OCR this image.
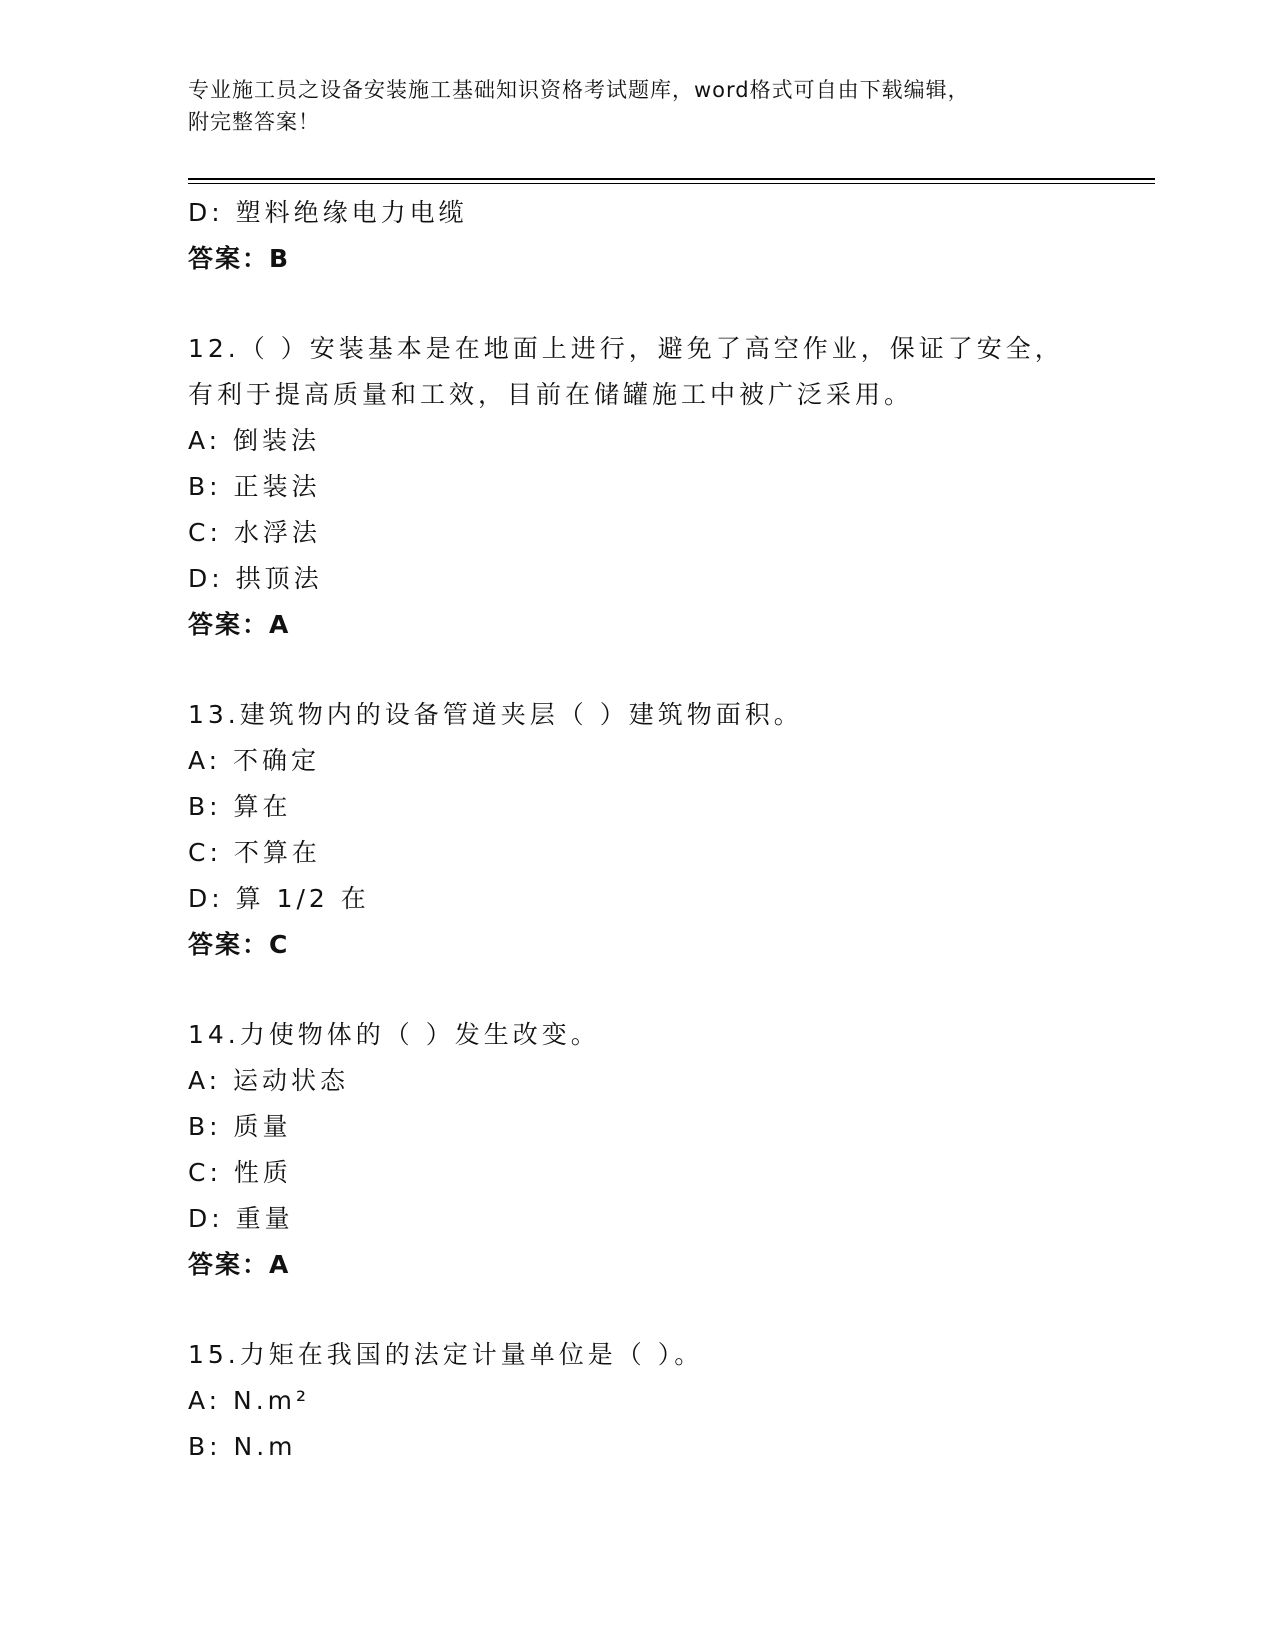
专业施工员之设备安装施工基础知识资格考试题库，word格式可自由下载编辑，
附完整答案！
D: 塑料绝缘电力电缆
答案：B
12.（ ）安装基本是在地面上进行，避免了高空作业，保证了安全，
有利于提高质量和工效，目前在储罐施工中被广泛采用。
A: 倒装法
B: 正装法
C: 水浮法
D: 拱顶法
答案：A
13.建筑物内的设备管道夹层（ ）建筑物面积。
A: 不确定
B: 算在
C: 不算在
D: 算 1/2 在
答案：C
14.力使物体的（ ）发生改变。
A: 运动状态
B: 质量
C: 性质
D: 重量
答案：A
15.力矩在我国的法定计量单位是（ ）。
A: N.m²
B: N.m
